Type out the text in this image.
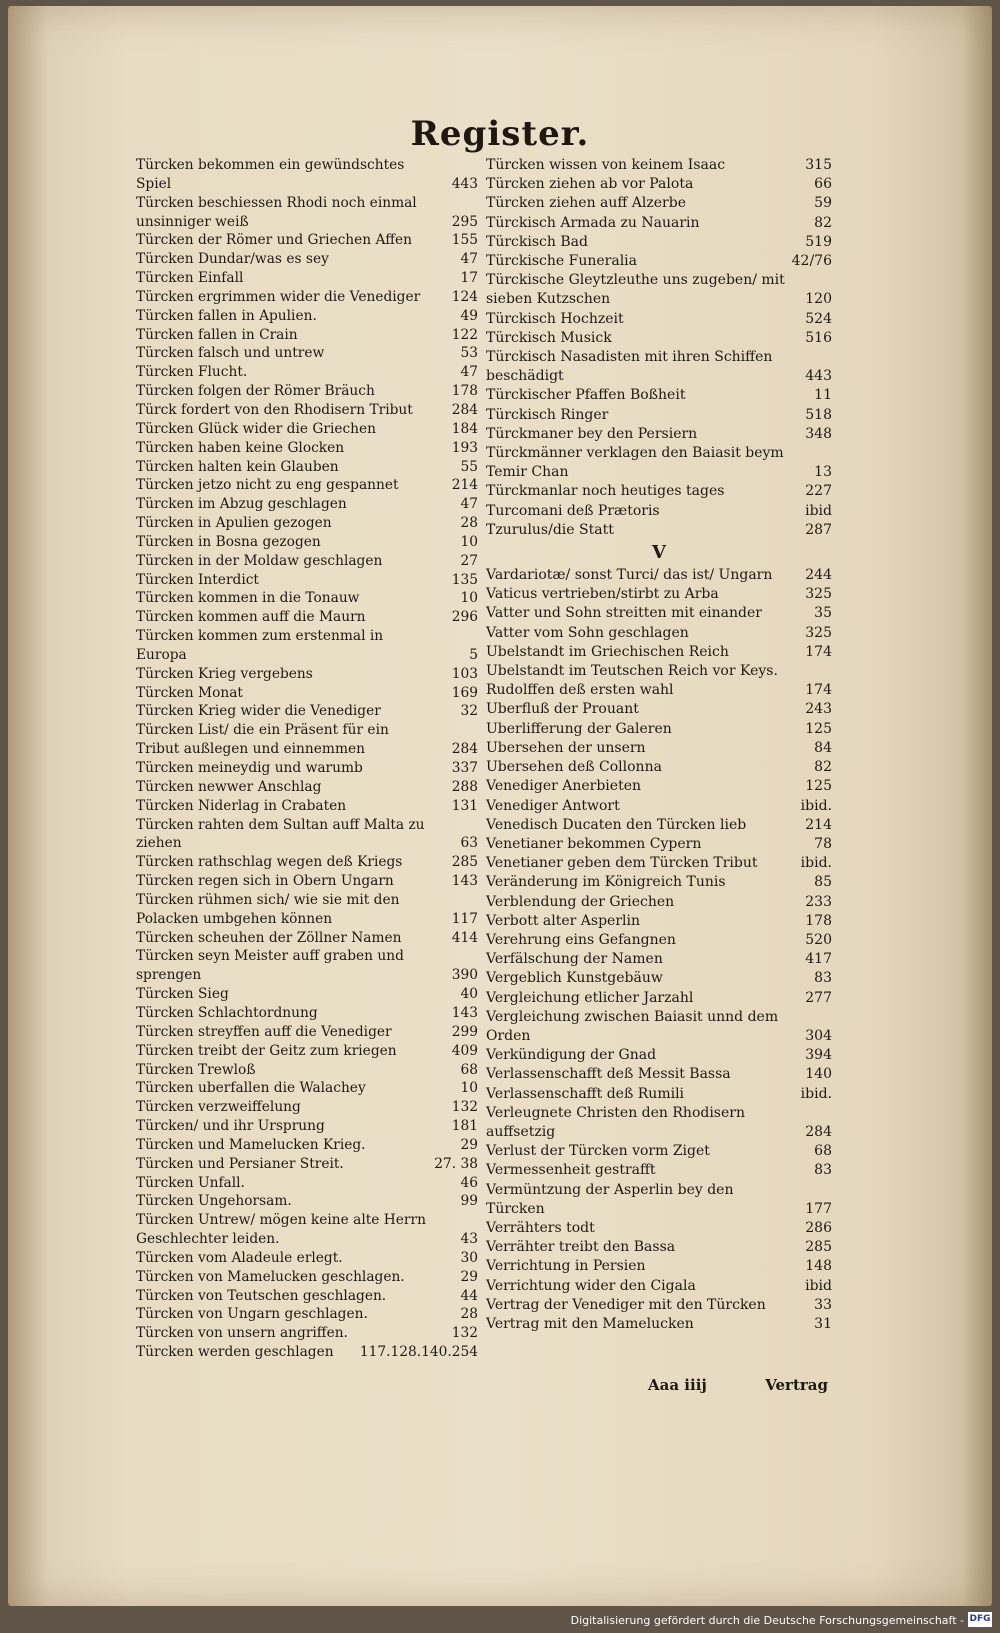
Register.
Türcken bekommen ein gewündschtes Spiel	443
Türcken beschiessen Rhodi noch einmal unsinniger weiß	295
Türcken der Römer und Griechen Affen	155
Türcken Dundar/was es sey	47
Türcken Einfall	17
Türcken ergrimmen wider die Venediger	124
Türcken fallen in Apulien.	49
Türcken fallen in Crain	122
Türcken falsch und untrew	53
Türcken Flucht.	47
Türcken folgen der Römer Bräuch	178
Türck fordert von den Rhodisern Tribut	284
Türcken Glück wider die Griechen	184
Türcken haben keine Glocken	193
Türcken halten kein Glauben	55
Türcken jetzo nicht zu eng gespannet	214
Türcken im Abzug geschlagen	47
Türcken in Apulien gezogen	28
Türcken in Bosna gezogen	10
Türcken in der Moldaw geschlagen	27
Türcken Interdict	135
Türcken kommen in die Tonauw	10
Türcken kommen auff die Maurn	296
Türcken kommen zum erstenmal in Europa	5
Türcken Krieg vergebens	103
Türcken Monat	169
Türcken Krieg wider die Venediger	32
Türcken List/ die ein Präsent für ein Tribut außlegen und einnemmen	284
Türcken meineydig und warumb	337
Türcken newwer Anschlag	288
Türcken Niderlag in Crabaten	131
Türcken rahten dem Sultan auff Malta zu ziehen	63
Türcken rathschlag wegen deß Kriegs	285
Türcken regen sich in Obern Ungarn	143
Türcken rühmen sich/ wie sie mit den Polacken umbgehen können	117
Türcken scheuhen der Zöllner Namen	414
Türcken seyn Meister auff graben und sprengen	390
Türcken Sieg	40
Türcken Schlachtordnung	143
Türcken streyffen auff die Venediger	299
Türcken treibt der Geitz zum kriegen	409
Türcken Trewloß	68
Türcken uberfallen die Walachey	10
Türcken verzweiffelung	132
Türcken/ und ihr Ursprung	181
Türcken und Mamelucken Krieg.	29
Türcken und Persianer Streit.	27. 38
Türcken Unfall.	46
Türcken Ungehorsam.	99
Türcken Untrew/ mögen keine alte Herrn Geschlechter leiden.	43
Türcken vom Aladeule erlegt.	30
Türcken von Mamelucken geschlagen.	29
Türcken von Teutschen geschlagen.	44
Türcken von Ungarn geschlagen.	28
Türcken von unsern angriffen.	132
Türcken werden geschlagen	117.128.140.254
Türcken wissen von keinem Isaac	315
Türcken ziehen ab vor Palota	66
Türcken ziehen auff Alzerbe	59
Türckisch Armada zu Nauarin	82
Türckisch Bad	519
Türckische Funeralia	42/76
Türckische Gleytzleuthe uns zugeben/ mit sieben Kutzschen	120
Türckisch Hochzeit	524
Türckisch Musick	516
Türckisch Nasadisten mit ihren Schiffen beschädigt	443
Türckischer Pfaffen Boßheit	11
Türckisch Ringer	518
Türckmaner bey den Persiern	348
Türckmänner verklagen den Baiasit beym Temir Chan	13
Türckmanlar noch heutiges tages	227
Turcomani deß Prætoris	ibid
Tzurulus/die Statt	287
V
Vardariotæ/ sonst Turci/ das ist/ Ungarn	244
Vaticus vertrieben/stirbt zu Arba	325
Vatter und Sohn streitten mit einander	35
Vatter vom Sohn geschlagen	325
Ubelstandt im Griechischen Reich	174
Ubelstandt im Teutschen Reich vor Keys. Rudolffen deß ersten wahl	174
Uberfluß der Prouant	243
Uberlifferung der Galeren	125
Ubersehen der unsern	84
Ubersehen deß Collonna	82
Venediger Anerbieten	125
Venediger Antwort	ibid.
Venedisch Ducaten den Türcken lieb	214
Venetianer bekommen Cypern	78
Venetianer geben dem Türcken Tribut	ibid.
Veränderung im Königreich Tunis	85
Verblendung der Griechen	233
Verbott alter Asperlin	178
Verehrung eins Gefangnen	520
Verfälschung der Namen	417
Vergeblich Kunstgebäuw	83
Vergleichung etlicher Jarzahl	277
Vergleichung zwischen Baiasit unnd dem Orden	304
Verkündigung der Gnad	394
Verlassenschafft deß Messit Bassa	140
Verlassenschafft deß Rumili	ibid.
Verleugnete Christen den Rhodisern auffsetzig	284
Verlust der Türcken vorm Ziget	68
Vermessenheit gestrafft	83
Vermüntzung der Asperlin bey den Türcken	177
Verrähters todt	286
Verrähter treibt den Bassa	285
Verrichtung in Persien	148
Verrichtung wider den Cigala	ibid
Vertrag der Venediger mit den Türcken	33
Vertrag mit den Mamelucken	31
Aaa iiij	Vertrag
Digitalisierung gefördert durch die Deutsche Forschungsgemeinschaft - DFG
